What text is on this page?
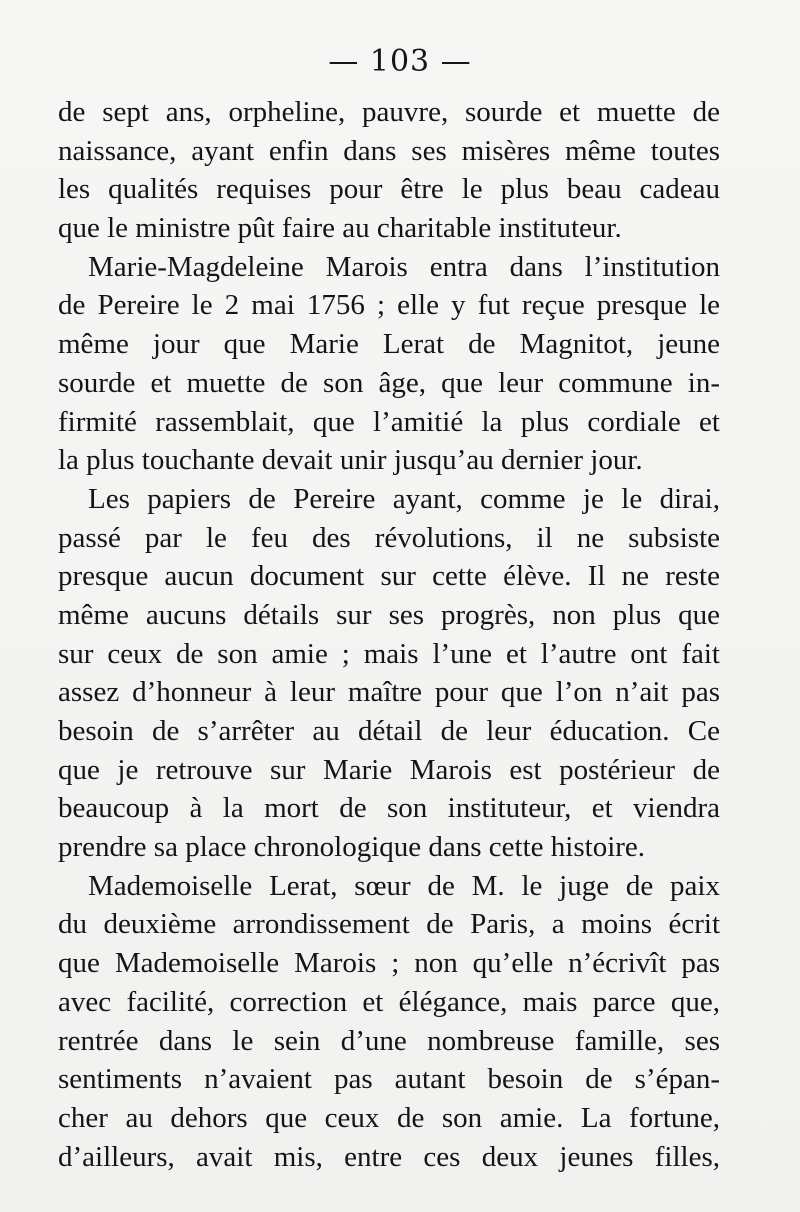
— 103 —
de sept ans, orpheline, pauvre, sourde et muette de
naissance, ayant enfin dans ses misères même toutes
les qualités requises pour être le plus beau cadeau
que le ministre pût faire au charitable instituteur.
Marie-Magdeleine Marois entra dans l’institution
de Pereire le 2 mai 1756 ; elle y fut reçue presque le
même jour que Marie Lerat de Magnitot, jeune
sourde et muette de son âge, que leur commune in-
firmité rassemblait, que l’amitié la plus cordiale et
la plus touchante devait unir jusqu’au dernier jour.
Les papiers de Pereire ayant, comme je le dirai,
passé par le feu des révolutions, il ne subsiste
presque aucun document sur cette élève. Il ne reste
même aucuns détails sur ses progrès, non plus que
sur ceux de son amie ; mais l’une et l’autre ont fait
assez d’honneur à leur maître pour que l’on n’ait pas
besoin de s’arrêter au détail de leur éducation. Ce
que je retrouve sur Marie Marois est postérieur de
beaucoup à la mort de son instituteur, et viendra
prendre sa place chronologique dans cette histoire.
Mademoiselle Lerat, sœur de M. le juge de paix
du deuxième arrondissement de Paris, a moins écrit
que Mademoiselle Marois ; non qu’elle n’écrivît pas
avec facilité, correction et élégance, mais parce que,
rentrée dans le sein d’une nombreuse famille, ses
sentiments n’avaient pas autant besoin de s’épan-
cher au dehors que ceux de son amie. La fortune,
d’ailleurs, avait mis, entre ces deux jeunes filles,
